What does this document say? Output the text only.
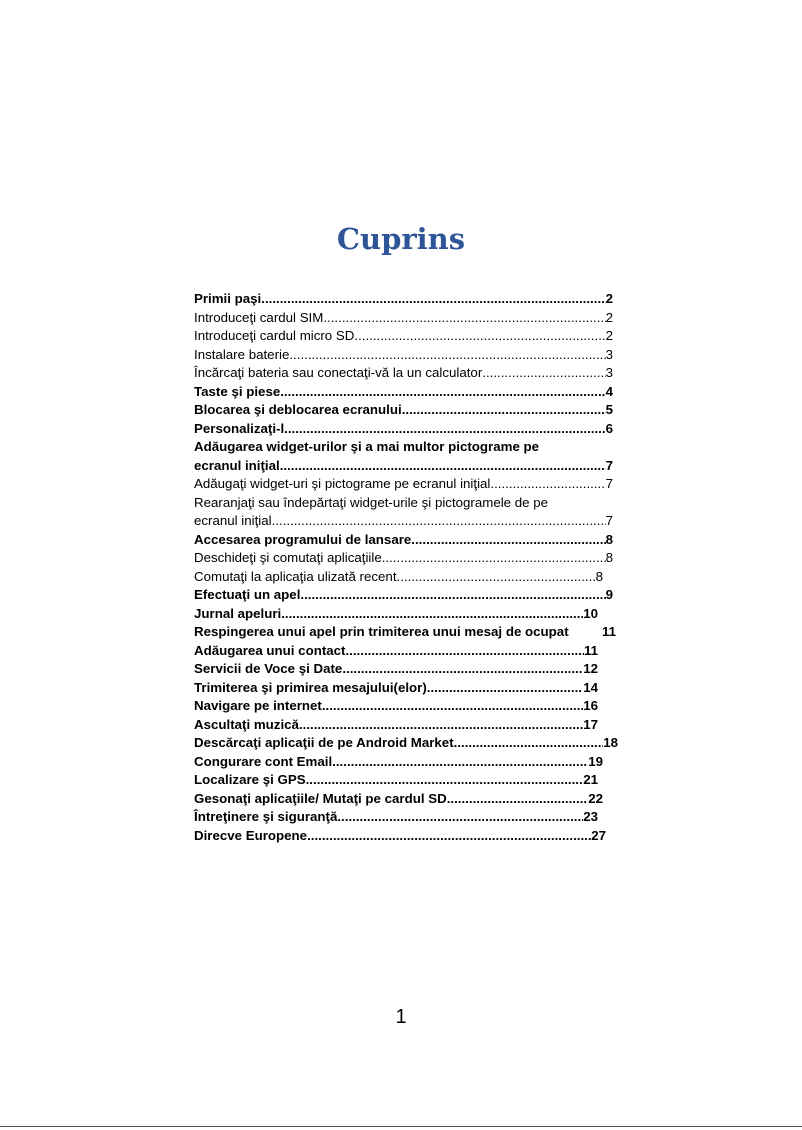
Cuprins
Primii paşi .....	2
Introduceţi cardul SIM .....	2
Introduceţi cardul micro SD .....	2
Instalare baterie .....	3
Încărcaţi bateria sau conectaţi-vă la un calculator .....	3
Taste şi piese .....	4
Blocarea şi deblocarea ecranului .....	5
Personalizaţi-l .....	6
Adăugarea widget-urilor şi a mai multor pictograme pe
ecranul iniţial .....	7
Adăugaţi widget-uri şi pictograme pe ecranul iniţial .....	7
Rearanjaţi sau îndepărtaţi widget-urile şi pictogramele de pe
ecranul iniţial .....	7
Accesarea programului de lansare .....	8
Deschideţi şi comutaţi aplicaţiile .....	8
Comutaţi la aplicaţia ulizată recent .....	8
Efectuaţi un apel .....	9
Jurnal apeluri .....	10
Respingerea unui apel prin trimiterea unui mesaj de ocupat	11
Adăugarea unui contact .....	11
Servicii de Voce şi Date .....	12
Trimiterea şi primirea mesajului(elor) .....	14
Navigare pe internet .....	16
Ascultaţi muzică .....	17
Descărcaţi aplicaţii de pe Android Market .....	18
Congurare cont Email .....	19
Localizare şi GPS .....	21
Gesonaţi aplicaţiile/ Mutaţi pe cardul SD .....	22
Întreţinere şi siguranţă .....	23
Direcve Europene .....	27
1
